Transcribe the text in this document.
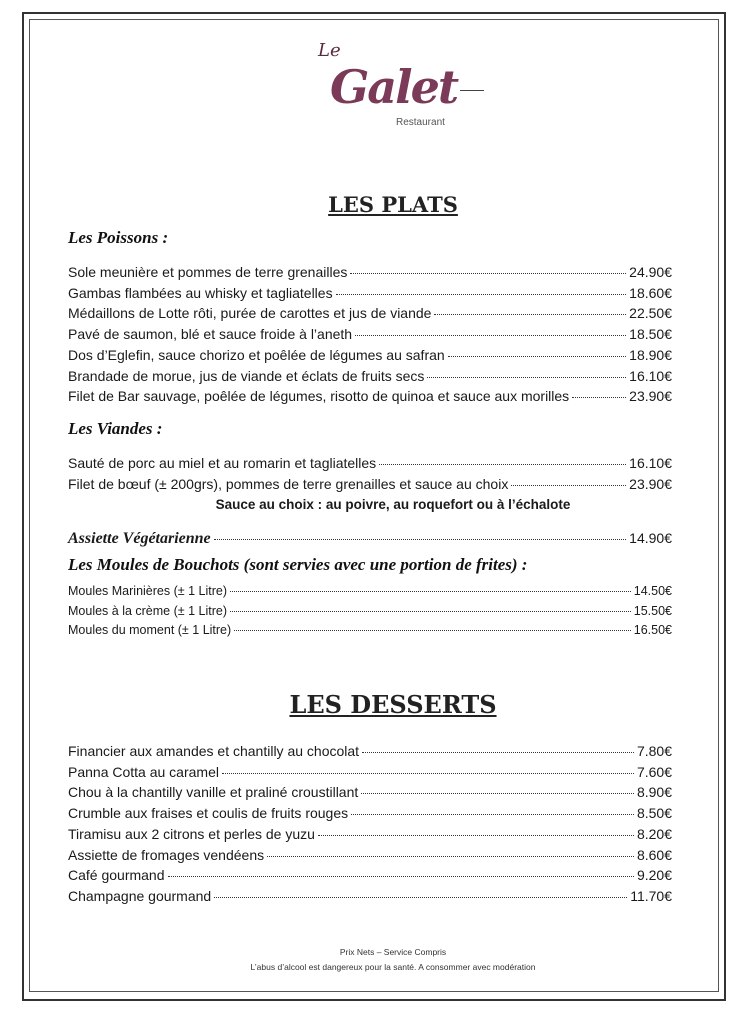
Le
Galet
Restaurant
LES PLATS
Les Poissons :
Sole meunière et pommes de terre grenailles	24.90€
Gambas flambées au whisky et tagliatelles	18.60€
Médaillons de Lotte rôti, purée de carottes et jus de viande	22.50€
Pavé de saumon, blé et sauce froide à l’aneth	18.50€
Dos d’Eglefin, sauce chorizo et poêlée de légumes au safran	18.90€
Brandade de morue, jus de viande et éclats de fruits secs	16.10€
Filet de Bar sauvage, poêlée de légumes, risotto de quinoa et sauce aux morilles	23.90€
Les Viandes :
Sauté de porc au miel et au romarin et tagliatelles	16.10€
Filet de bœuf (± 200grs), pommes de terre grenailles et sauce au choix	23.90€
Sauce au choix : au poivre, au roquefort ou à l’échalote
Assiette Végétarienne	14.90€
Les Moules de Bouchots (sont servies avec une portion de frites) :
Moules Marinières (± 1 Litre)	14.50€
Moules à la crème (± 1 Litre)	15.50€
Moules du moment (± 1 Litre)	16.50€
LES DESSERTS
Financier aux amandes et chantilly au chocolat	7.80€
Panna Cotta au caramel	7.60€
Chou à la chantilly vanille et praliné croustillant	8.90€
Crumble aux fraises et coulis de fruits rouges	8.50€
Tiramisu aux 2 citrons et perles de yuzu	8.20€
Assiette de fromages vendéens	8.60€
Café gourmand	9.20€
Champagne gourmand	11.70€
Prix Nets – Service Compris
L’abus d’alcool est dangereux pour la santé. A consommer avec modération
